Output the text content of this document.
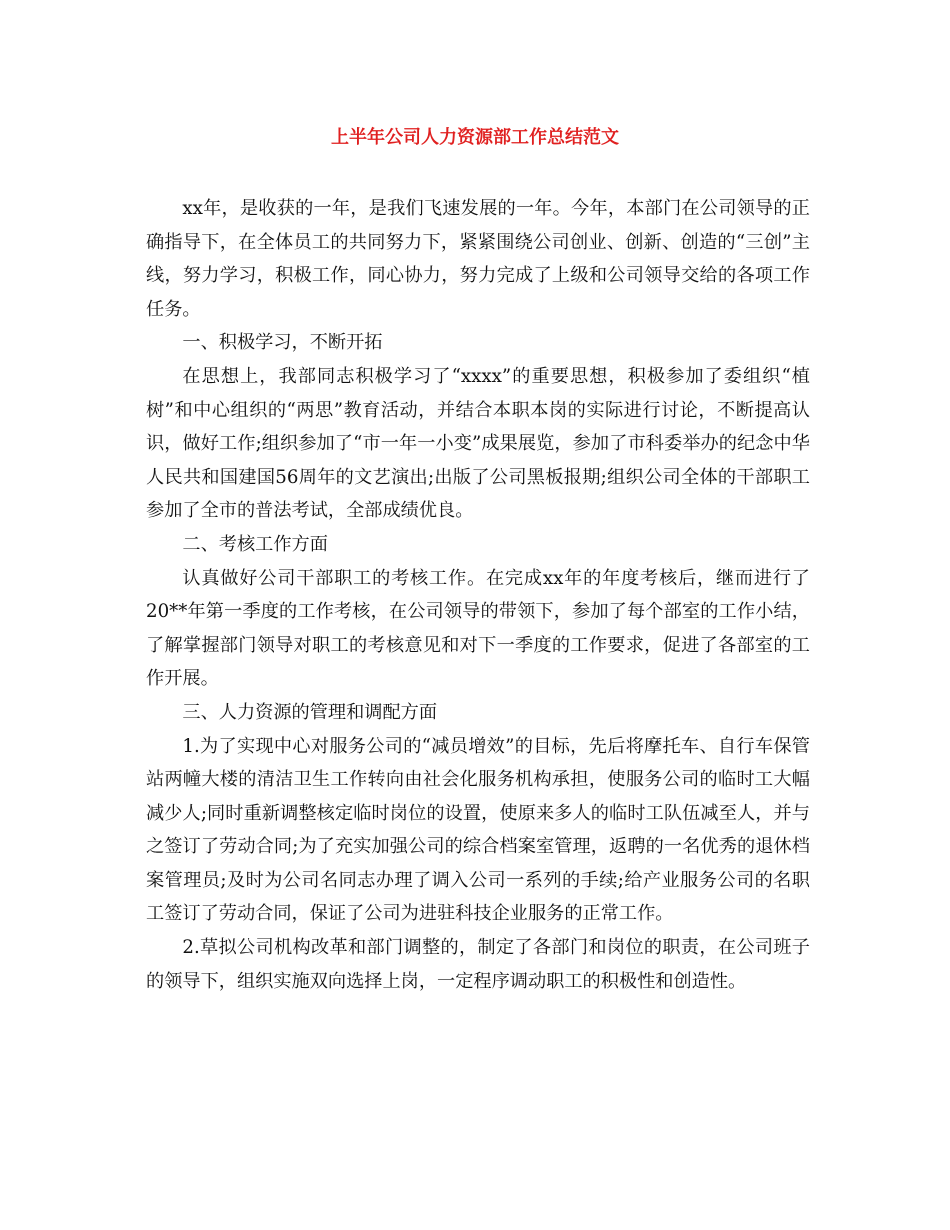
上半年公司人力资源部工作总结范文

xx年，是收获的一年，是我们飞速发展的一年。今年，本部门在公司领导的正确指导下，在全体员工的共同努力下，紧紧围绕公司创业、创新、创造的“三创”主线，努力学习，积极工作，同心协力，努力完成了上级和公司领导交给的各项工作任务。

一、积极学习，不断开拓

在思想上，我部同志积极学习了“xxxx”的重要思想，积极参加了委组织“植树”和中心组织的“两思”教育活动，并结合本职本岗的实际进行讨论，不断提高认识，做好工作;组织参加了“市一年一小变”成果展览，参加了市科委举办的纪念中华人民共和国建国56周年的文艺演出;出版了公司黑板报期;组织公司全体的干部职工参加了全市的普法考试，全部成绩优良。

二、考核工作方面

认真做好公司干部职工的考核工作。在完成xx年的年度考核后，继而进行了20**年第一季度的工作考核，在公司领导的带领下，参加了每个部室的工作小结，了解掌握部门领导对职工的考核意见和对下一季度的工作要求，促进了各部室的工作开展。

三、人力资源的管理和调配方面

1.为了实现中心对服务公司的“减员增效”的目标，先后将摩托车、自行车保管站两幢大楼的清洁卫生工作转向由社会化服务机构承担，使服务公司的临时工大幅减少人;同时重新调整核定临时岗位的设置，使原来多人的临时工队伍减至人，并与之签订了劳动合同;为了充实加强公司的综合档案室管理，返聘的一名优秀的退休档案管理员;及时为公司名同志办理了调入公司一系列的手续;给产业服务公司的名职工签订了劳动合同，保证了公司为进驻科技企业服务的正常工作。

2.草拟公司机构改革和部门调整的，制定了各部门和岗位的职责，在公司班子的领导下，组织实施双向选择上岗，一定程序调动职工的积极性和创造性。
